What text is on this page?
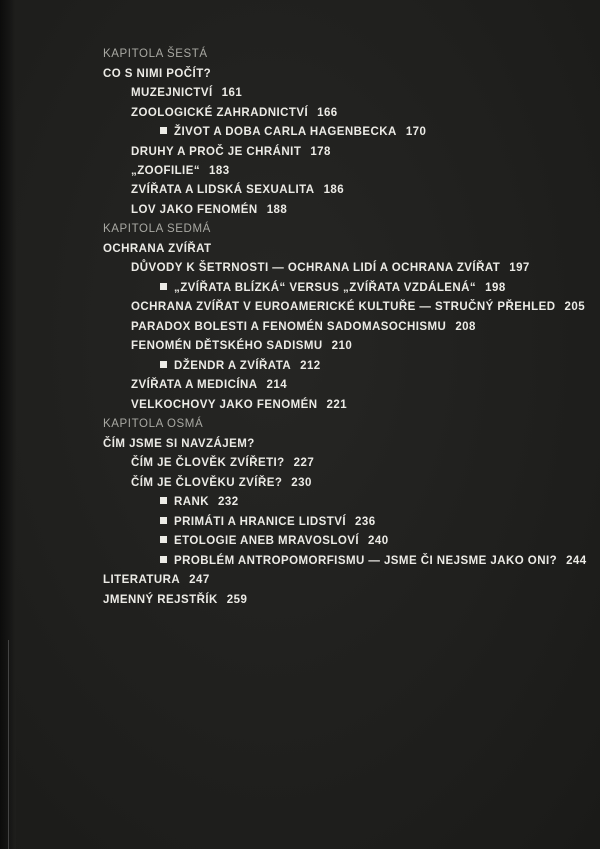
KAPITOLA ŠESTÁ
CO S NIMI POČÍT?
MUZEJNICTVÍ 161
ZOOLOGICKÉ ZAHRADNICTVÍ 166
ŽIVOT A DOBA CARLA HAGENBECKA 170
DRUHY A PROČ JE CHRÁNIT 178
„ZOOFILIE“ 183
ZVÍŘATA A LIDSKÁ SEXUALITA 186
LOV JAKO FENOMÉN 188
KAPITOLA SEDMÁ
OCHRANA ZVÍŘAT
DŮVODY K ŠETRNOSTI — OCHRANA LIDÍ A OCHRANA ZVÍŘAT 197
„ZVÍŘATA BLÍZKÁ“ VERSUS „ZVÍŘATA VZDÁLENÁ“ 198
OCHRANA ZVÍŘAT V EUROAMERICKÉ KULTUŘE — STRUČNÝ PŘEHLED 205
PARADOX BOLESTI A FENOMÉN SADOMASOCHISMU 208
FENOMÉN DĚTSKÉHO SADISMU 210
DŽENDR A ZVÍŘATA 212
ZVÍŘATA A MEDICÍNA 214
VELKOCHOVY JAKO FENOMÉN 221
KAPITOLA OSMÁ
ČÍM JSME SI NAVZÁJEM?
ČÍM JE ČLOVĚK ZVÍŘETI? 227
ČÍM JE ČLOVĚKU ZVÍŘE? 230
RANK 232
PRIMÁTI A HRANICE LIDSTVÍ 236
ETOLOGIE ANEB MRAVOSLOVÍ 240
PROBLÉM ANTROPOMORFISMU — JSME ČI NEJSME JAKO ONI? 244
LITERATURA 247
JMENNÝ REJSTŘÍK 259
